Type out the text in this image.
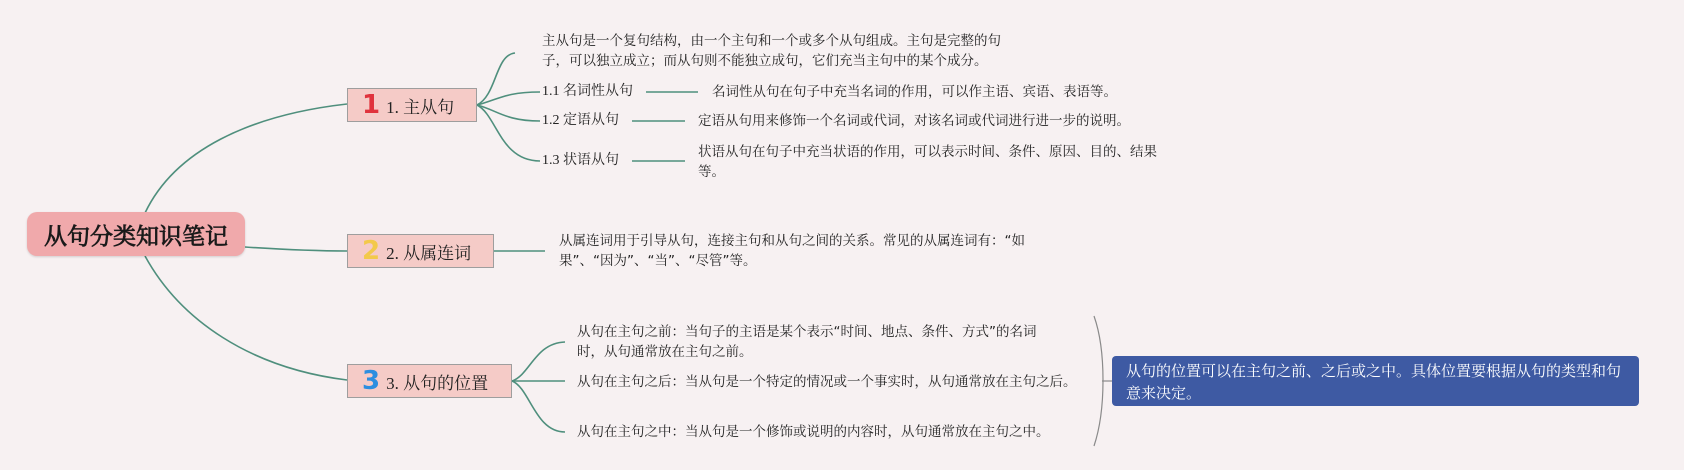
从句分类知识笔记
1 1. 主从句
主从句是一个复句结构，由一个主句和一个或多个从句组成。主句是完整的句子，可以独立成立；而从句则不能独立成句，它们充当主句中的某个成分。
1.1 名词性从句	名词性从句在句子中充当名词的作用，可以作主语、宾语、表语等。
1.2 定语从句	定语从句用来修饰一个名词或代词，对该名词或代词进行进一步的说明。
1.3 状语从句
状语从句在句子中充当状语的作用，可以表示时间、条件、原因、目的、结果等。
2 2. 从属连词
从属连词用于引导从句，连接主句和从句之间的关系。常见的从属连词有：“如果”、“因为”、“当”、“尽管”等。
3 3. 从句的位置
从句在主句之前：当句子的主语是某个表示“时间、地点、条件、方式”的名词时，从句通常放在主句之前。
从句在主句之后：当从句是一个特定的情况或一个事实时，从句通常放在主句之后。
从句在主句之中：当从句是一个修饰或说明的内容时，从句通常放在主句之中。
从句的位置可以在主句之前、之后或之中。具体位置要根据从句的类型和句意来决定。
